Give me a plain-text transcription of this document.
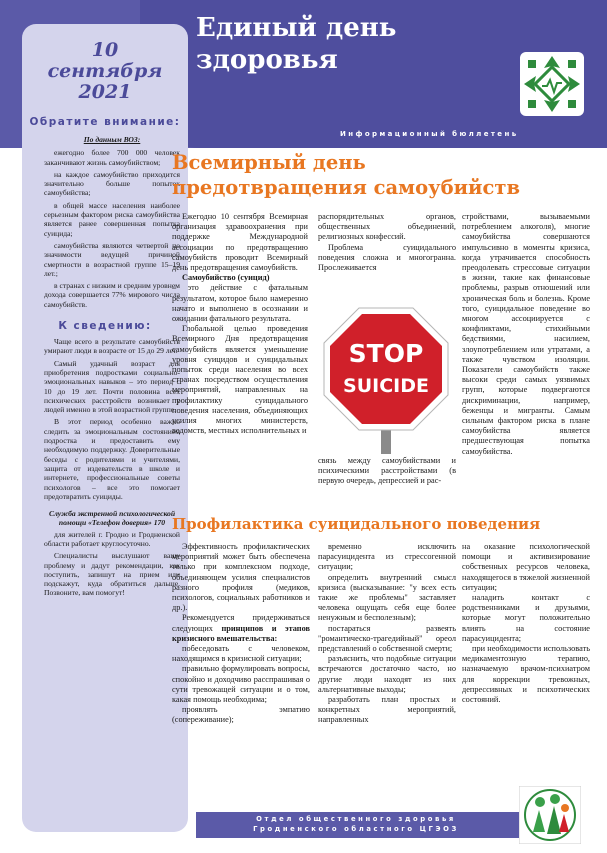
Единый день
здоровья
Информационный бюллетень
10
сентября
2021
Обратите внимание:
По данным ВОЗ:

ежегодно более 700 000 человек заканчивают жизнь самоубийством;

на каждое самоубийство приходится значительно больше попыток самоубийства;

в общей массе населения наиболее серьезным фактором риска самоубийства является ранее совершенная попытка суицида;

самоубийства являются четвертой по значимости ведущей причиной смертности в возрастной группе 15–19 лет.;

в странах с низким и средним уровнем дохода совершается 77% мирового числа самоубийств.

К сведению:

Чаще всего в результате самоубийств умирают люди в возрасте от 15 до 29 лет.

Самый удачный возраст для приобретения подростками социально-эмоциональных навыков – это период с 10 до 19 лет. Почти половина всех психических расстройств возникает у людей именно в этой возрастной группе.

В этот период особенно важно следить за эмоциональным состоянием подростка и предоставить ему необходимую поддержку. Доверительные беседы с родителями и учителями, защита от издевательств в школе и интернете, профессиональные советы психологов – все это помогает предотвратить суициды.

Служба экстренной психологической помощи «Телефон доверия» 170

для жителей г. Гродно и Гродненской области работает круглосуточно.

Специалисты выслушают вашу проблему и дадут рекомендации, как поступить, запишут на прием или подскажут, куда обратиться дальше. Позвоните, вам помогут!

Всемирный день
предотвращения самоубийств

Ежегодно 10 сентября Всемирная организация здравоохранения при поддержке Международной ассоциации по предотвращению самоубийств проводит Всемирный день предотвращения самоубийств.

Самоубийство (суицид)

– это действие с фатальным результатом, которое было намеренно начато и выполнено в осознании и ожидании фатального результата.

Глобальной целью проведения Всемирного Дня предотвращения самоубийств является уменьшение уровня суицидов и суицидальных попыток среди населения во всех странах посредством осуществления мероприятий, направленных на профилактику суицидального поведения населения, объединяющих усилия многих министерств, ведомств, местных исполнительных и

распорядительных органов, общественных объединений, религиозных конфессий.

Проблема суицидального поведения сложна и многогранна. Прослеживается

STOP
SUICIDE

связь между самоубийствами и психическими расстройствами (в первую очередь, депрессией и рас-

стройствами, вызываемыми потреблением алкоголя), многие самоубийства совершаются импульсивно в моменты кризиса, когда утрачивается способность преодолевать стрессовые ситуации в жизни, такие как финансовые проблемы, разрыв отношений или хроническая боль и болезнь. Кроме того, суицидальное поведение во многом ассоциируется с конфликтами, стихийными бедствиями, насилием, злоупотреблением или утратами, а также чувством изоляции. Показатели самоубийств также высоки среди самых уязвимых групп, которые подвергаются дискриминации, например, беженцы и мигранты. Самым сильным фактором риска в плане самоубийства является предшествующая попытка самоубийства.

Профилактика суицидального поведения

Эффективность профилактических мероприятий может быть обеспечена только при комплексном подходе, объединяющем усилия специалистов разного профиля (медиков, психологов, социальных работников и др.).

Рекомендуется придерживаться следующих принципов и этапов кризисного вмешательства:

побеседовать с человеком, находящимся в кризисной ситуации;

правильно формулировать вопросы, спокойно и доходчиво расспрашивая о сути тревожащей ситуации и о том, какая помощь необходима;

проявлять эмпатию (сопереживание);

временно исключить парасуицидента из стрессогенной ситуации;

определить внутренний смысл кризиса (высказывание: "у всех есть такие же проблемы" заставляет человека ощущать себя еще более ненужным и бесполезным);

постараться развеять "романтическо-трагедийный" ореол представлений о собственной смерти;

разъяснить, что подобные ситуации встречаются достаточно часто, но другие люди находят из них альтернативные выходы;

разработать план простых и конкретных мероприятий, направленных

на оказание психологической помощи и активизирование собственных ресурсов человека, находящегося в тяжелой жизненной ситуации;

наладить контакт с родственниками и друзьями, которые могут положительно влиять на состояние парасуицидента;

при необходимости использовать медикаментозную терапию, назначаемую врачом-психиатром для коррекции тревожных, депрессивных и психотических состояний.

Отдел общественного здоровья
Гродненского областного ЦГЭОЗ
